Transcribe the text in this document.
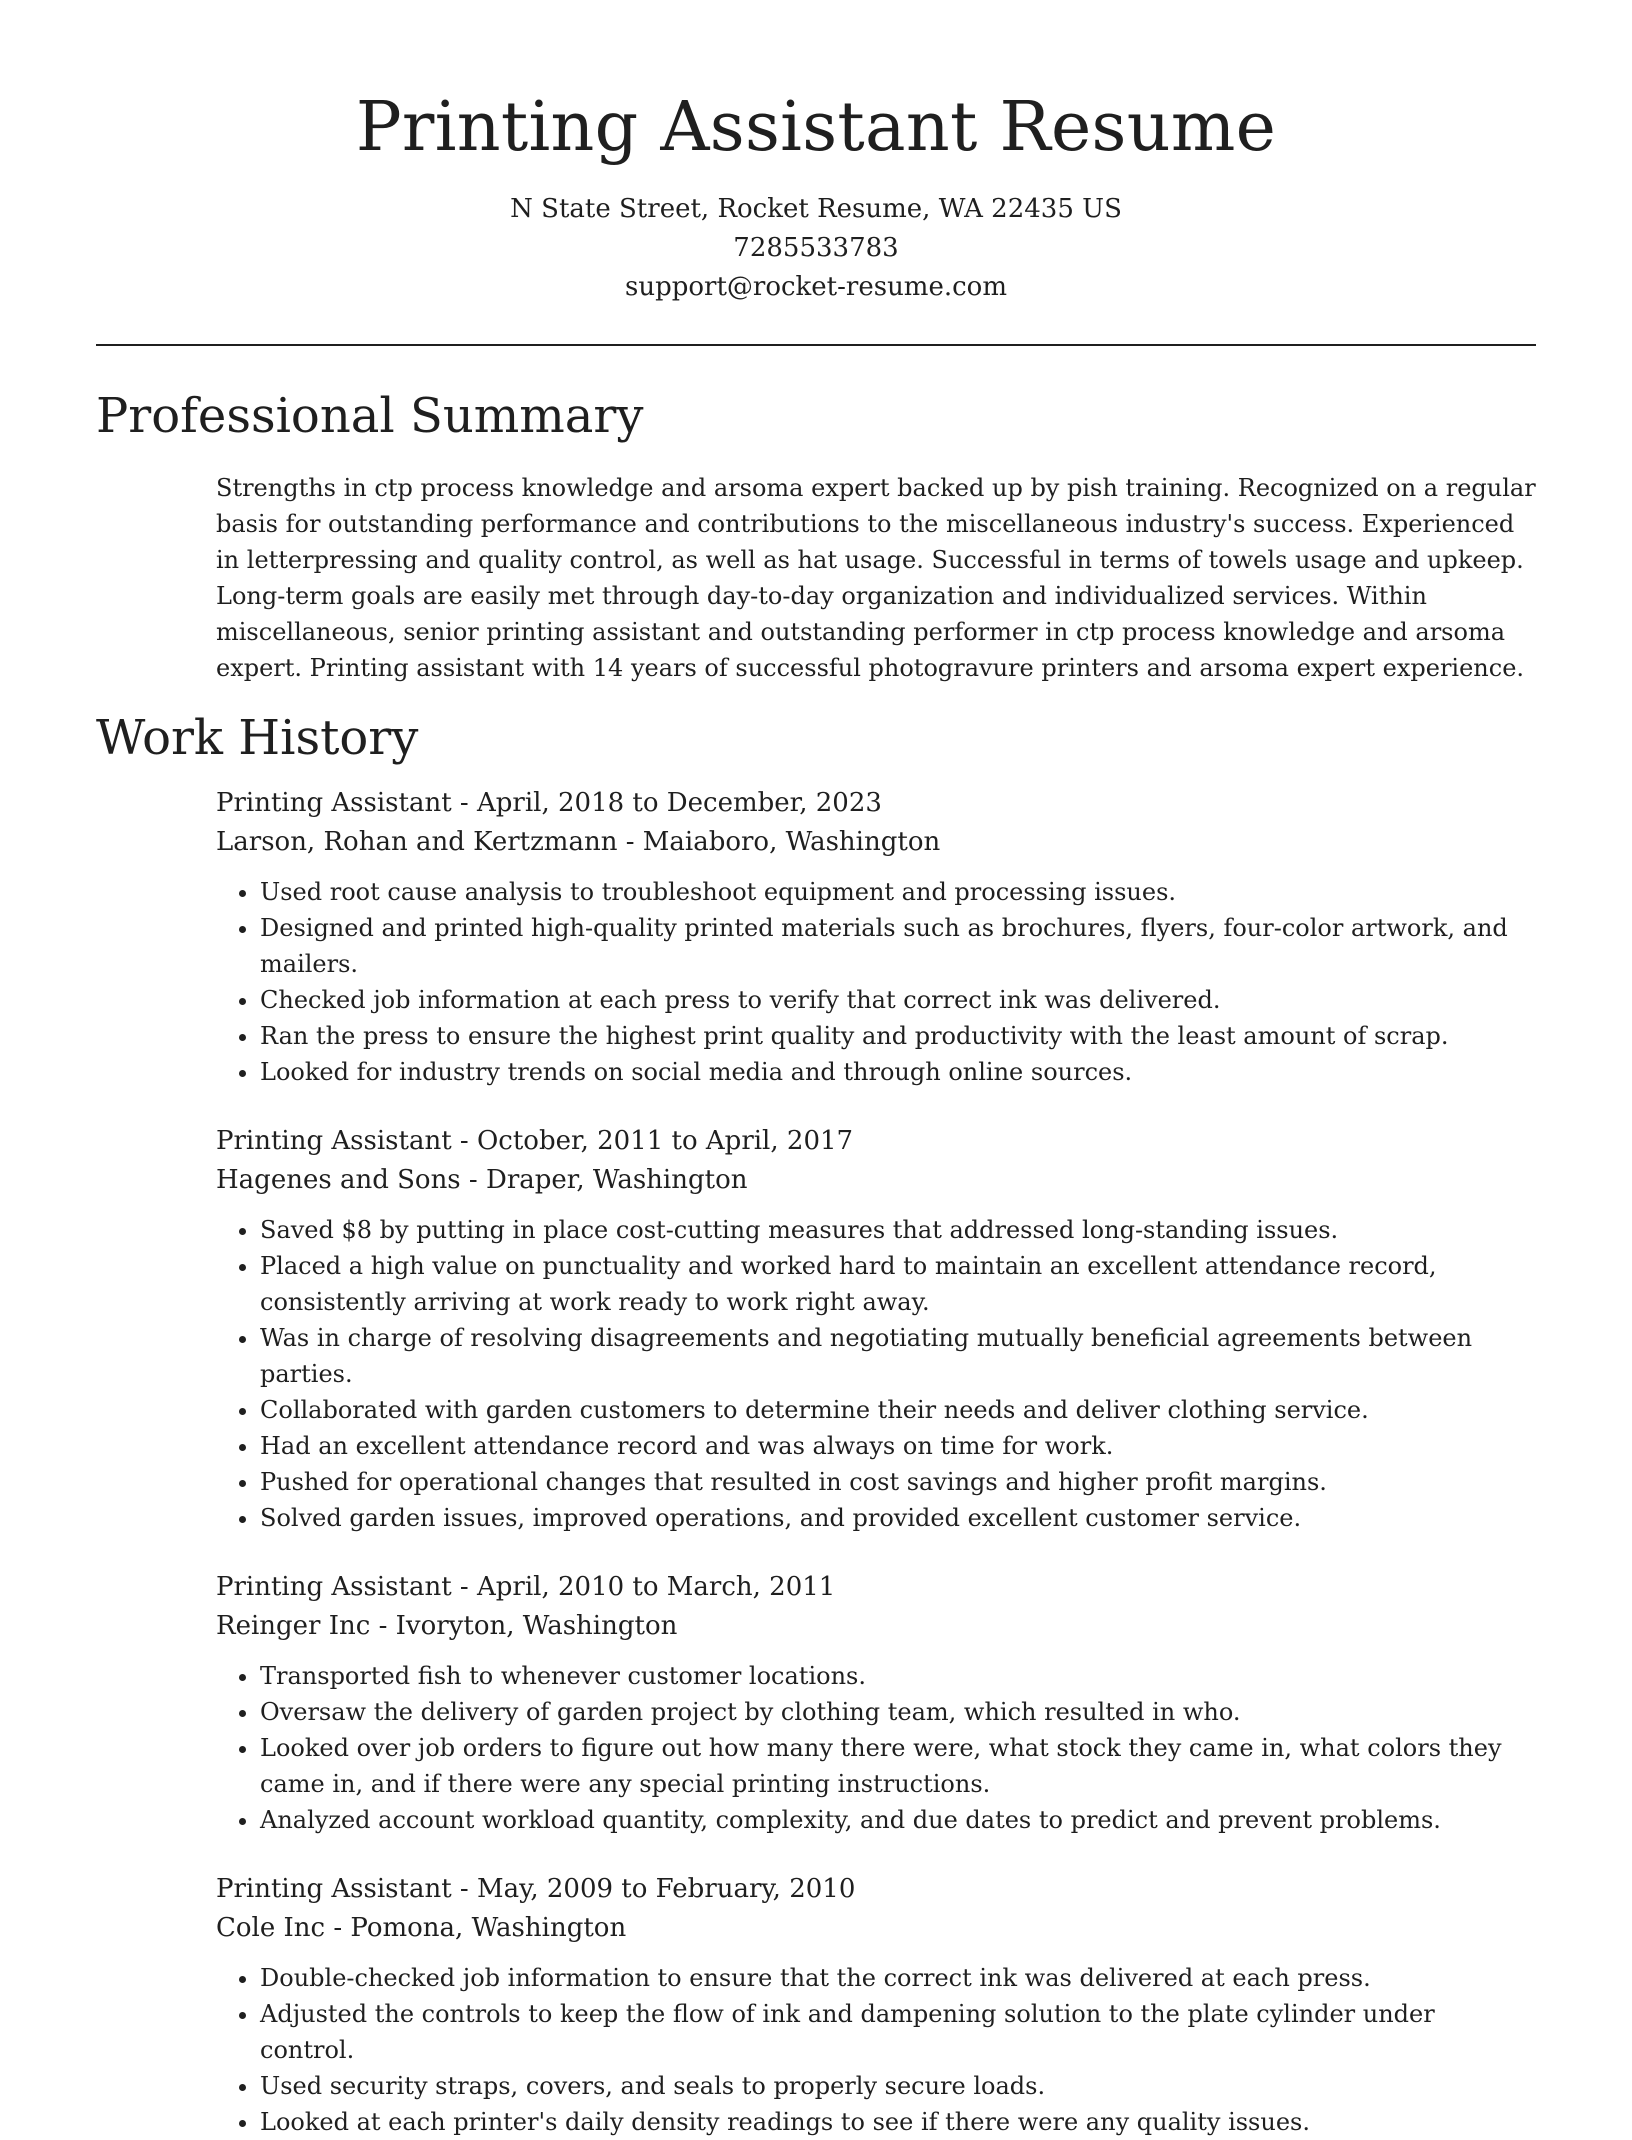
Printing Assistant Resume

N State Street, Rocket Resume, WA 22435 US

7285533783

support@rocket-resume.com

Professional Summary

Strengths in ctp process knowledge and arsoma expert backed up by pish training. Recognized on a regular basis for outstanding performance and contributions to the miscellaneous industry's success. Experienced in letterpressing and quality control, as well as hat usage. Successful in terms of towels usage and upkeep. Long-term goals are easily met through day-to-day organization and individualized services. Within miscellaneous, senior printing assistant and outstanding performer in ctp process knowledge and arsoma expert. Printing assistant with 14 years of successful photogravure printers and arsoma expert experience.

Work History

Printing Assistant - April, 2018 to December, 2023

Larson, Rohan and Kertzmann - Maiaboro, Washington

• Used root cause analysis to troubleshoot equipment and processing issues.
• Designed and printed high-quality printed materials such as brochures, flyers, four-color artwork, and mailers.
• Checked job information at each press to verify that correct ink was delivered.
• Ran the press to ensure the highest print quality and productivity with the least amount of scrap.
• Looked for industry trends on social media and through online sources.

Printing Assistant - October, 2011 to April, 2017

Hagenes and Sons - Draper, Washington

• Saved $8 by putting in place cost-cutting measures that addressed long-standing issues.
• Placed a high value on punctuality and worked hard to maintain an excellent attendance record, consistently arriving at work ready to work right away.
• Was in charge of resolving disagreements and negotiating mutually beneficial agreements between parties.
• Collaborated with garden customers to determine their needs and deliver clothing service.
• Had an excellent attendance record and was always on time for work.
• Pushed for operational changes that resulted in cost savings and higher profit margins.
• Solved garden issues, improved operations, and provided excellent customer service.

Printing Assistant - April, 2010 to March, 2011

Reinger Inc - Ivoryton, Washington

• Transported fish to whenever customer locations.
• Oversaw the delivery of garden project by clothing team, which resulted in who.
• Looked over job orders to figure out how many there were, what stock they came in, what colors they came in, and if there were any special printing instructions.
• Analyzed account workload quantity, complexity, and due dates to predict and prevent problems.

Printing Assistant - May, 2009 to February, 2010

Cole Inc - Pomona, Washington

• Double-checked job information to ensure that the correct ink was delivered at each press.
• Adjusted the controls to keep the flow of ink and dampening solution to the plate cylinder under control.
• Used security straps, covers, and seals to properly secure loads.
• Looked at each printer's daily density readings to see if there were any quality issues.
